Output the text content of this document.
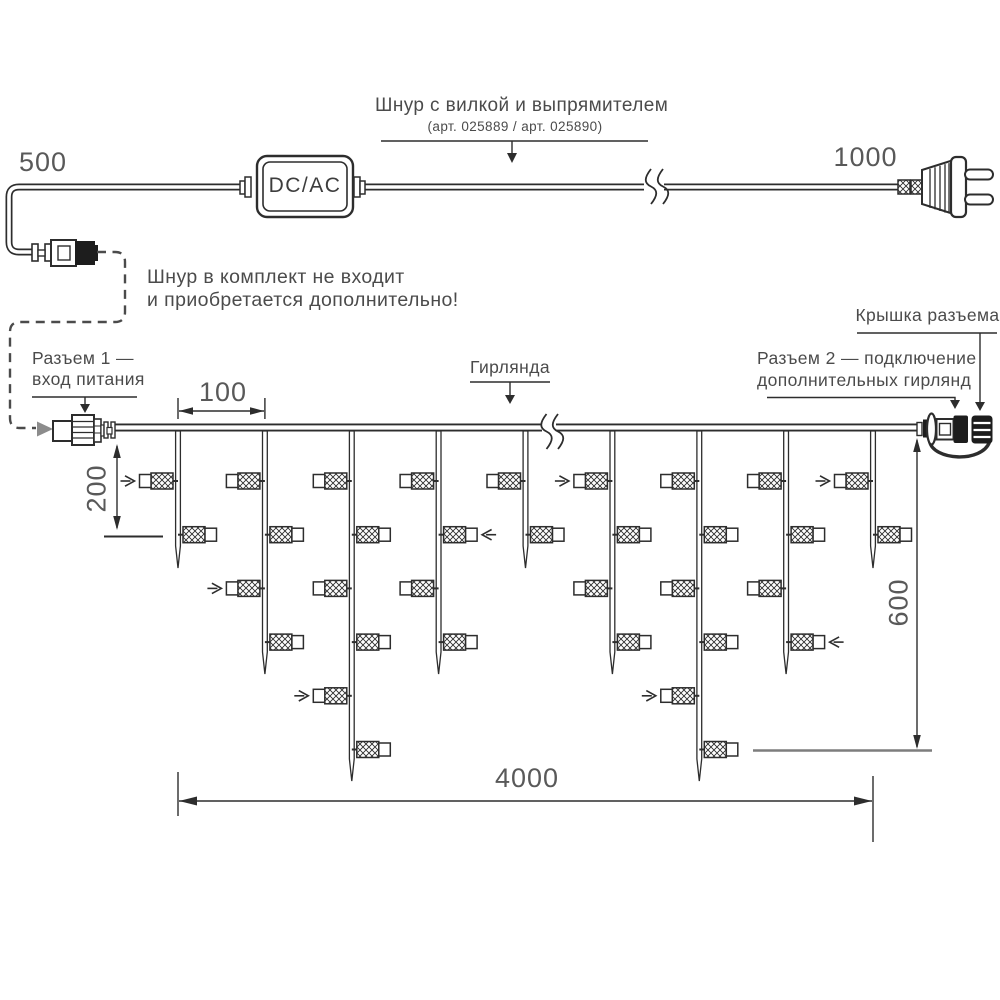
500
Шнур с вилкой и выпрямителем
(арт. 025889 / арт. 025890)
1000
DC/AC
Шнур в комплект не входит
и приобретается дополнительно!
Разъем 1 —
вход питания
Гирлянда
Крышка разъема
Разъем 2 — подключение
дополнительных гирлянд
100
200
600
4000
